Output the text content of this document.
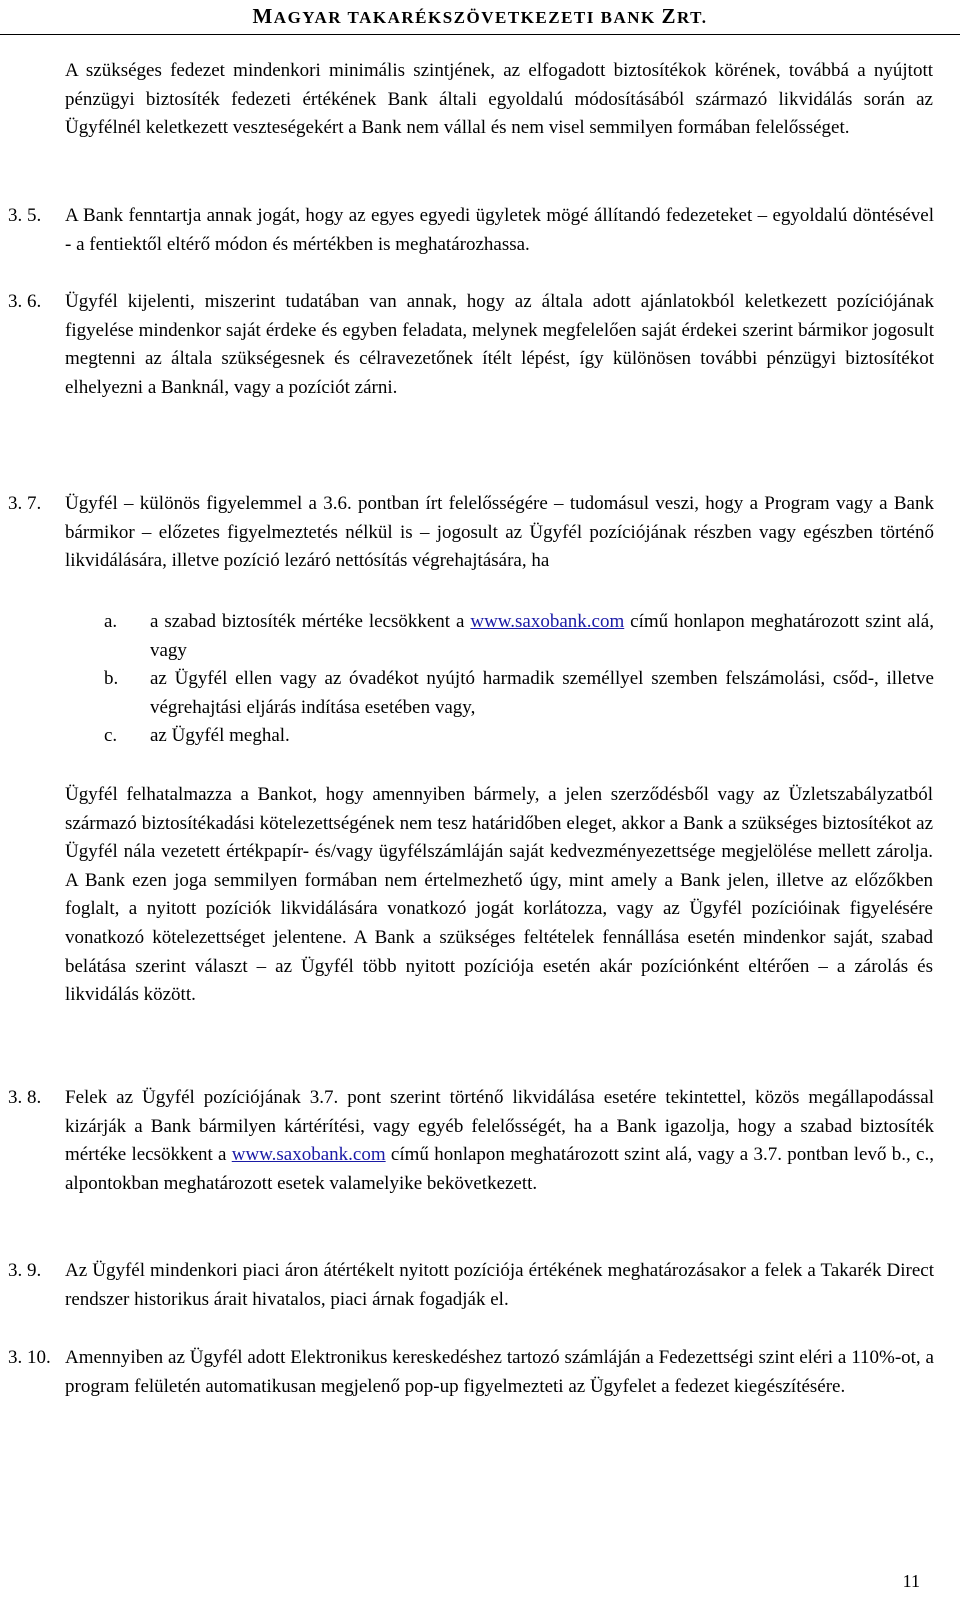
MAGYAR TAKARÉKSZÖVETKEZETI BANK ZRT.
A szükséges fedezet mindenkori minimális szintjének, az elfogadott biztosítékok körének, továbbá a nyújtott pénzügyi biztosíték fedezeti értékének Bank általi egyoldalú módosításából származó likvidálás során az Ügyfélnél keletkezett veszteségekért a Bank nem vállal és nem visel semmilyen formában felelősséget.
3. 5.	A Bank fenntartja annak jogát, hogy az egyes egyedi ügyletek mögé állítandó fedezeteket – egyoldalú döntésével - a fentiektől eltérő módon és mértékben is meghatározhassa.
3. 6.	Ügyfél kijelenti, miszerint tudatában van annak, hogy az általa adott ajánlatokból keletkezett pozíciójának figyelése mindenkor saját érdeke és egyben feladata, melynek megfelelően saját érdekei szerint bármikor jogosult megtenni az általa szükségesnek és célravezetőnek ítélt lépést, így különösen további pénzügyi biztosítékot elhelyezni a Banknál, vagy a pozíciót zárni.
3. 7.	Ügyfél – különös figyelemmel a 3.6. pontban írt felelősségére – tudomásul veszi, hogy a Program vagy a Bank bármikor – előzetes figyelmeztetés nélkül is – jogosult az Ügyfél pozíciójának részben vagy egészben történő likvidálására, illetve pozíció lezáró nettósítás végrehajtására, ha
a.	a szabad biztosíték mértéke lecsökkent a www.saxobank.com című honlapon meghatározott szint alá, vagy
b.	az Ügyfél ellen vagy az óvadékot nyújtó harmadik személlyel szemben felszámolási, csőd-, illetve végrehajtási eljárás indítása esetében vagy,
c.	az Ügyfél meghal.
Ügyfél felhatalmazza a Bankot, hogy amennyiben bármely, a jelen szerződésből vagy az Üzletszabályzatból származó biztosítékadási kötelezettségének nem tesz határidőben eleget, akkor a Bank a szükséges biztosítékot az Ügyfél nála vezetett értékpapír- és/vagy ügyfélszámláján saját kedvezményezettsége megjelölése mellett zárolja. A Bank ezen joga semmilyen formában nem értelmezhető úgy, mint amely a Bank jelen, illetve az előzőkben foglalt, a nyitott pozíciók likvidálására vonatkozó jogát korlátozza, vagy az Ügyfél pozícióinak figyelésére vonatkozó kötelezettséget jelentene. A Bank a szükséges feltételek fennállása esetén mindenkor saját, szabad belátása szerint választ – az Ügyfél több nyitott pozíciója esetén akár pozíciónként eltérően – a zárolás és likvidálás között.
3. 8.	Felek az Ügyfél pozíciójának 3.7. pont szerint történő likvidálása esetére tekintettel, közös megállapodással kizárják a Bank bármilyen kártérítési, vagy egyéb felelősségét, ha a Bank igazolja, hogy a szabad biztosíték mértéke lecsökkent a www.saxobank.com című honlapon meghatározott szint alá, vagy a 3.7. pontban levő b., c., alpontokban meghatározott esetek valamelyike bekövetkezett.
3. 9.	Az Ügyfél mindenkori piaci áron átértékelt nyitott pozíciója értékének meghatározásakor a felek a Takarék Direct rendszer historikus árait hivatalos, piaci árnak fogadják el.
3. 10. Amennyiben az Ügyfél adott Elektronikus kereskedéshez tartozó számláján a Fedezettségi szint eléri a 110%-ot, a program felületén automatikusan megjelenő pop-up figyelmezteti az Ügyfelet a fedezet kiegészítésére.
11
